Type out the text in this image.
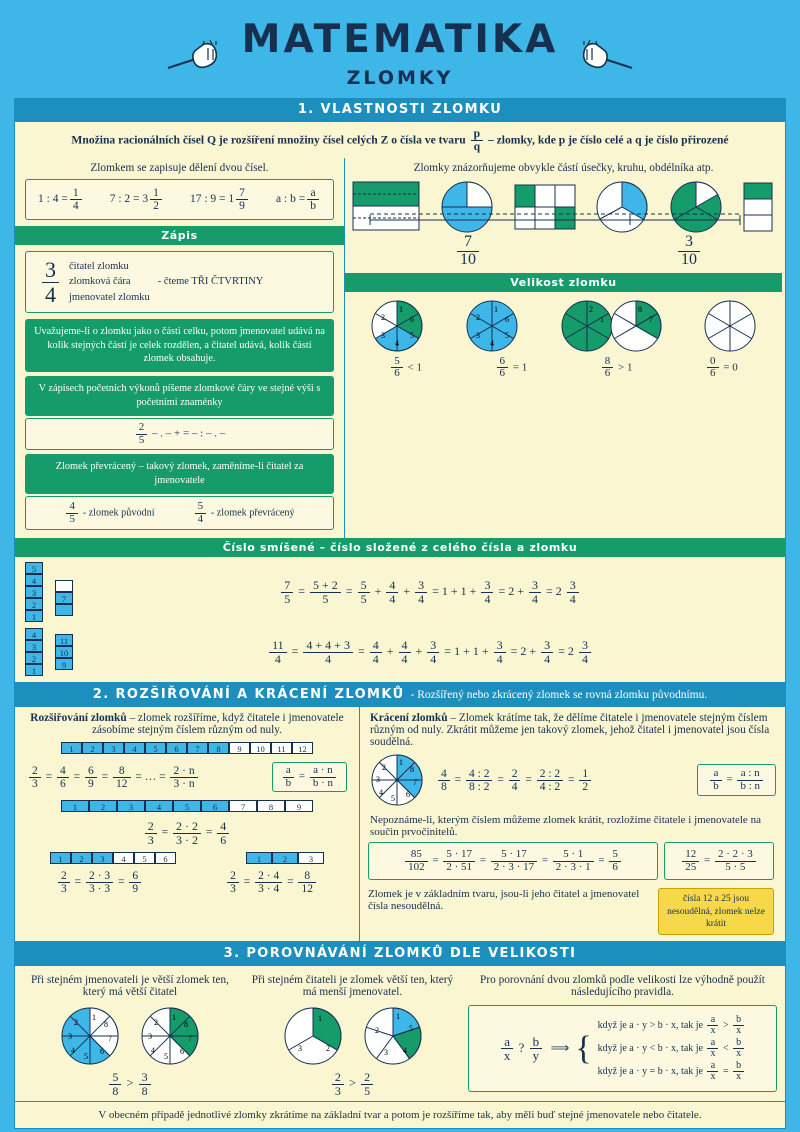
MATEMATIKA
ZLOMKY
1. VLASTNOSTI ZLOMKU
Množina racionálních čísel Q je rozšíření množiny čísel celých Z o čísla ve tvaru $\frac{p}{q}$ – zlomky, kde p je číslo celé a q je číslo přirozené
Zlomkem se zapisuje dělení dvou čísel.
1 : $4 = \frac{1}{4} 7$ : $2 = 3 \frac{1}{2} 17$ : $9 = 1 \frac{7}{9}$ a : $b = \frac{a}{b}$
Zápis
$\frac{3}{4}$ čitatel zlomku
zlomková čára
jmenovatel zlomku
- čteme TŘI ČTVRTINY
Uvažujeme-li o zlomku jako o části celku, potom jmenovatel udává na kolik stejných částí je celek rozdělen, a čitatel udává, kolik částí zlomek obsahuje.
V zápisech početních výkonů píšeme zlomkové čáry ve stejné výši s početními znaménky
$\frac{2}{5}$ – . – + = – : – . –
Zlomek převrácený – takový zlomek, zaměníme-li čitatel za jmenovatele
$\frac{4}{5}$ - zlomek původní	$\frac{5}{4}$ - zlomek převrácený
Zlomky znázorňujeme obvykle částí úsečky, kruhu, obdélníka atp.
$\frac{7}{10}$	$\frac{3}{10}$
Velikost zlomku
1
6
5
4
3
2
1
6
5
4
3
2
2
1
8
7
$\frac{5}{6} < 1$	$\frac{6}{6} = 1$	$\frac{8}{6} > 1$	$\frac{0}{6} = 0$
Číslo smíšené – číslo složené z celého čísla a zlomku
5
4
3
2
1

7
	$\frac{7}{5} = \frac{5 + 2}{5} = \frac{5}{5} + \frac{4}{4} + \frac{3}{4} = 1 + 1 + \frac{3}{4} = 2 + \frac{3}{4} = 2 \frac{3}{4}$
4
3
2
1
11
10
9	$\frac{11}{4} = \frac{4 + 4 + 3}{4} = \frac{4}{4} + \frac{4}{4} + \frac{3}{4} = 1 + 1 + \frac{3}{4} = 2 + \frac{3}{4} = 2 \frac{3}{4}$
2. ROZŠIŘOVÁNÍ A KRÁCENÍ ZLOMKŮ - Rozšířený nebo zkrácený zlomek se rovná zlomku původnímu.
Rozšiřování zlomků – zlomek rozšíříme, když čitatele i jmenovatele zásobíme stejným číslem různým od nuly.
1	2	3	4	5	6	7	8	9	10	11	12
$\frac{2}{3} = \frac{4}{6} = \frac{6}{9} = \frac{8}{12}$ = … = $\frac{2 \cdot n}{3 \cdot n}$	$\frac{a}{b} = \frac{a \cdot n}{b \cdot n}$
1	2	3	4	5	6	7	8	9
$\frac{2}{3} = \frac{2 \cdot 2}{3 \cdot 2} = \frac{4}{6}$
1	2	3	4	5	6	1	2	3
$\frac{2}{3} = \frac{2 \cdot 3}{3 \cdot 3} = \frac{6}{9}$	$\frac{2}{3} = \frac{2 \cdot 4}{3 \cdot 4} = \frac{8}{12}$
Krácení zlomků – Zlomek krátíme tak, že dělíme čitatele i jmenovatele stejným číslem různým od nuly. Zkrátit můžeme jen takový zlomek, jehož čitatel i jmenovatel jsou čísla soudělná.
1
8
7
6
5
4
3
2	$\frac{4}{8} = \frac{4 : 2}{8 : 2} = \frac{2}{4} = \frac{2 : 2}{4 : 2} = \frac{1}{2}$	$\frac{a}{b} = \frac{a : n}{b : n}$
Nepoznáme-li, kterým číslem můžeme zlomek krátit, rozložíme čitatele i jmenovatele na součin prvočinitelů.
$\frac{85}{102} = \frac{5 \cdot 17}{2 \cdot 51} = \frac{5 \cdot 17}{2 \cdot 3 \cdot 17} = \frac{5 \cdot 1}{2 \cdot 3 \cdot 1} = \frac{5}{6}$	$\frac{12}{25} = \frac{2 \cdot 2 \cdot 3}{5 \cdot 5}$
Zlomek je v základním tvaru, jsou-li jeho čitatel a jmenovatel čísla nesoudělná.
čísla 12 a 25 jsou nesoudělná, zlomek nelze krátit
3. POROVNÁVÁNÍ ZLOMKŮ DLE VELIKOSTI
Při stejném jmenovateli je větší zlomek ten, který má větší čitatel
Při stejném čitateli je zlomek větší ten, který má menší jmenovatel.
Pro porovnání dvou zlomků podle velikosti lze výhodně použít následujícího pravidla.
1
8
7
6
5
4
3
2
1
8
7
6
5
4
3
2
$\frac{5}{8} > \frac{3}{8}$
1
2
3
1
5
4
3
2
$\frac{2}{3} > \frac{2}{5}$
$\frac{a}{x}$ ? $\frac{b}{y}$ ⟹ {
když je a · y > b · x, tak je $\frac{a}{x} > \frac{b}{x}$
když je a · y < b · x, tak je $\frac{a}{x} < \frac{b}{x}$
když je a · y = b · x, tak je $\frac{a}{x} = \frac{b}{x}$
V obecném případě jednotlivé zlomky zkrátíme na základní tvar a potom je rozšíříme tak, aby měli buď stejné jmenovatele nebo čitatele.
